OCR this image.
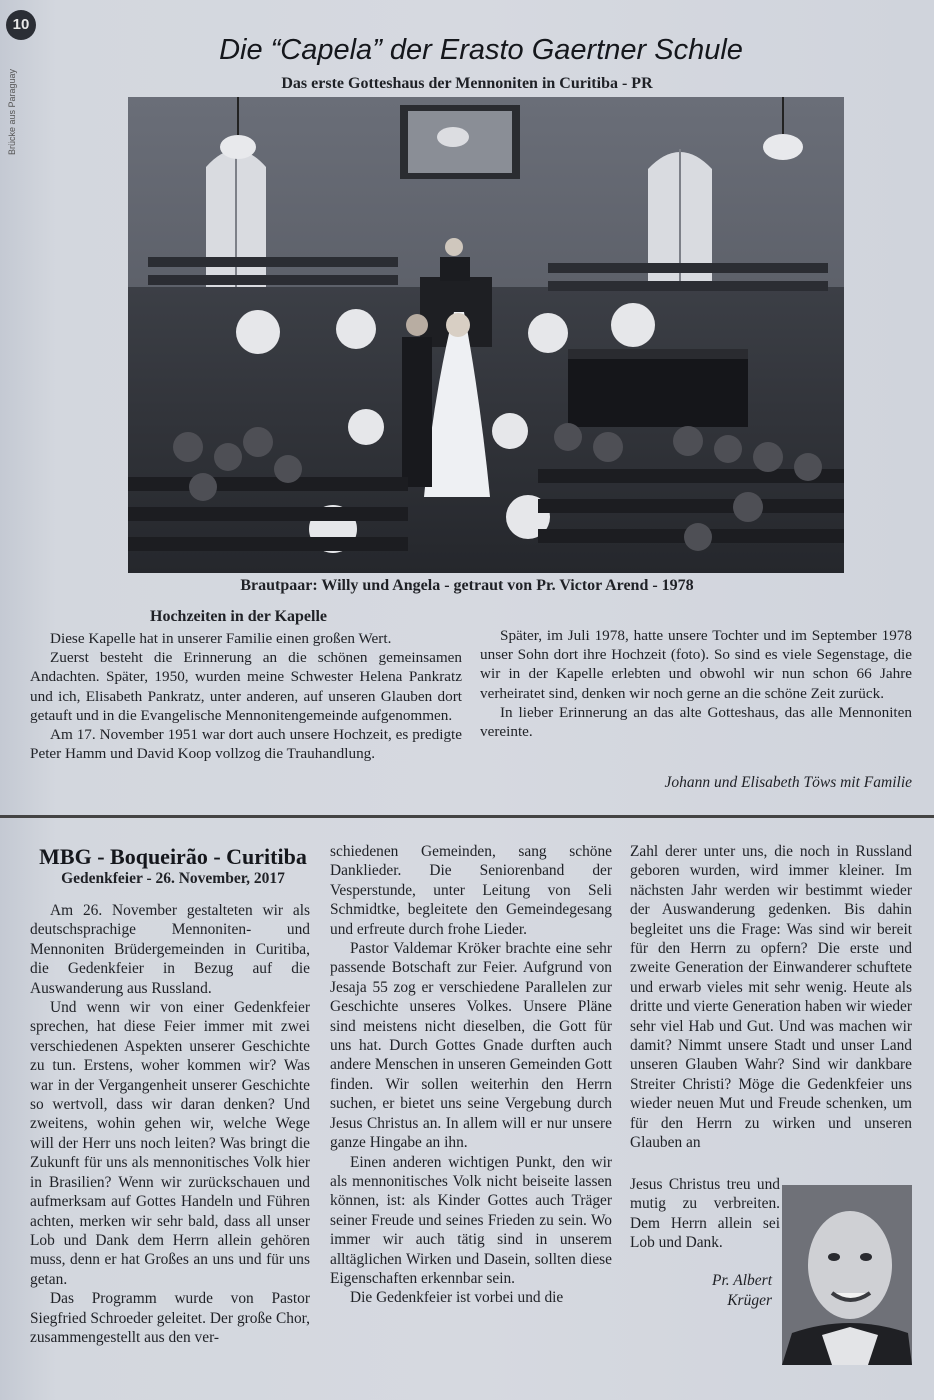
10
Brücke aus Paraguay
Die “Capela” der Erasto Gaertner Schule
Das erste Gotteshaus der Mennoniten in Curitiba - PR
Brautpaar: Willy und Angela - getraut von Pr. Victor Arend - 1978
Hochzeiten in der Kapelle

Diese Kapelle hat in unserer Familie einen großen Wert.

Zuerst besteht die Erinnerung an die schönen gemeinsamen Andachten. Später, 1950, wurden meine Schwester Helena Pankratz und ich, Elisabeth Pankratz, unter anderen, auf unseren Glauben dort getauft und in die Evangelische Mennonitengemeinde aufgenommen.

Am 17. November 1951 war dort auch unsere Hochzeit, es predigte Peter Hamm und David Koop vollzog die Trauhandlung.

Später, im Juli 1978, hatte unsere Tochter und im September 1978 unser Sohn dort ihre Hochzeit (foto). So sind es viele Segenstage, die wir in der Kapelle erlebten und obwohl wir nun schon 66 Jahre verheiratet sind, denken wir noch gerne an die schöne Zeit zurück.

In lieber Erinnerung an das alte Gotteshaus, das alle Mennoniten vereinte.

Johann und Elisabeth Töws mit Familie
MBG - Boqueirão - Curitiba
Gedenkfeier - 26. November, 2017

Am 26. November gestalteten wir als deutschsprachige Mennoniten- und Mennoniten Brüdergemeinden in Curitiba, die Gedenkfeier in Bezug auf die Auswanderung aus Russland.

Und wenn wir von einer Gedenkfeier sprechen, hat diese Feier immer mit zwei verschiedenen Aspekten unserer Geschichte zu tun. Erstens, woher kommen wir? Was war in der Vergangenheit unserer Geschichte so wertvoll, dass wir daran denken? Und zweitens, wohin gehen wir, welche Wege will der Herr uns noch leiten? Was bringt die Zukunft für uns als mennonitisches Volk hier in Brasilien? Wenn wir zurückschauen und aufmerksam auf Gottes Handeln und Führen achten, merken wir sehr bald, dass all unser Lob und Dank dem Herrn allein gehören muss, denn er hat Großes an uns und für uns getan.

Das Programm wurde von Pastor Siegfried Schroeder geleitet. Der große Chor, zusammengestellt aus den ver-

schiedenen Gemeinden, sang schöne Danklieder. Die Seniorenband der Vesperstunde, unter Leitung von Seli Schmidtke, begleitete den Gemeindegesang und erfreute durch frohe Lieder.

Pastor Valdemar Kröker brachte eine sehr passende Botschaft zur Feier. Aufgrund von Jesaja 55 zog er verschiedene Parallelen zur Geschichte unseres Volkes. Unsere Pläne sind meistens nicht dieselben, die Gott für uns hat. Durch Gottes Gnade durften auch andere Menschen in unseren Gemeinden Gott finden. Wir sollen weiterhin den Herrn suchen, er bietet uns seine Vergebung durch Jesus Christus an. In allem will er nur unsere ganze Hingabe an ihn.

Einen anderen wichtigen Punkt, den wir als mennonitisches Volk nicht beiseite lassen können, ist: als Kinder Gottes auch Träger seiner Freude und seines Frieden zu sein. Wo immer wir auch tätig sind in unserem alltäglichen Wirken und Dasein, sollten diese Eigenschaften erkennbar sein.

Die Gedenkfeier ist vorbei und die

Zahl derer unter uns, die noch in Russland geboren wurden, wird immer kleiner. Im nächsten Jahr werden wir bestimmt wieder der Auswanderung gedenken. Bis dahin begleitet uns die Frage: Was sind wir bereit für den Herrn zu opfern? Die erste und zweite Generation der Einwanderer schuftete und erwarb vieles mit sehr wenig. Heute als dritte und vierte Generation haben wir wieder sehr viel Hab und Gut. Und was machen wir damit? Nimmt unsere Stadt und unser Land unseren Glauben Wahr? Sind wir dankbare Streiter Christi? Möge die Gedenkfeier uns wieder neuen Mut und Freude schenken, um für den Herrn zu wirken und unseren Glauben an

Jesus Christus treu und mutig zu verbreiten. Dem Herrn allein sei Lob und Dank.

Pr. Albert
Krüger
